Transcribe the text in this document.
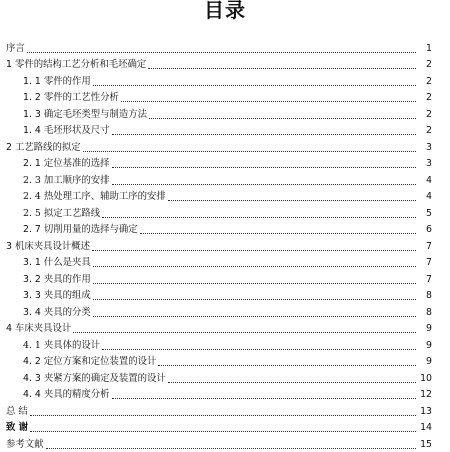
目录
序言	1
1 零件的结构工艺分析和毛坯确定	2
1. 1 零件的作用	2
1. 2 零件的工艺性分析	2
1. 3 确定毛坯类型与制造方法	2
1. 4 毛坯形状及尺寸	2
2 工艺路线的拟定	3
2. 1 定位基准的选择	3
2. 3 加工顺序的安排	4
2. 4 热处理工序、辅助工序的安排	4
2. 5 拟定工艺路线	5
2. 7 切削用量的选择与确定	6
3 机床夹具设计概述	7
3. 1 什么是夹具	7
3. 2 夹具的作用	7
3. 3 夹具的组成	8
3. 4 夹具的分类	8
4 车床夹具设计	9
4. 1 夹具体的设计	9
4. 2 定位方案和定位装置的设计	9
4. 3 夹紧方案的确定及装置的设计	10
4. 4 夹具的精度分析	12
总 结	13
致 谢	14
参考文献	15
